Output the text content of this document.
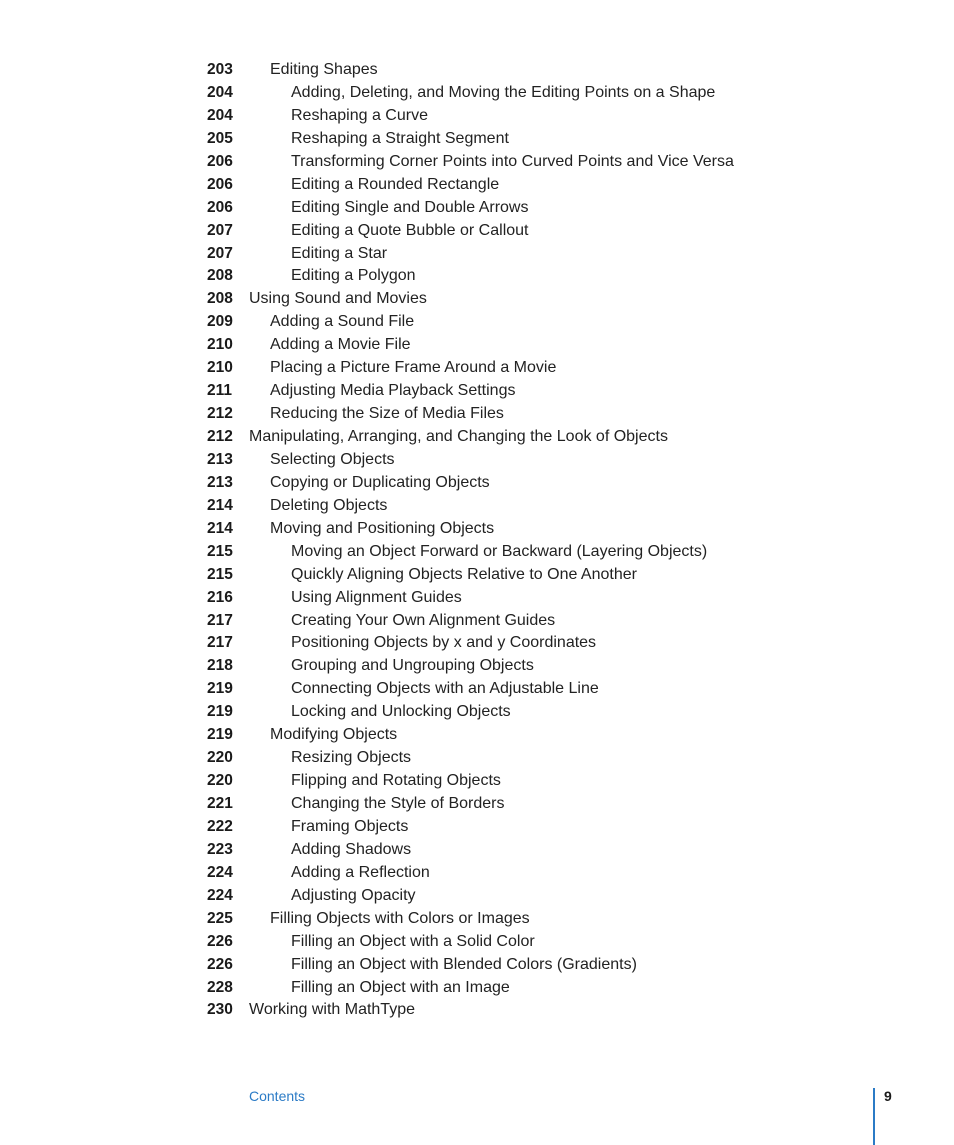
203 Editing Shapes
204	Adding, Deleting, and Moving the Editing Points on a Shape
204	Reshaping a Curve
205	Reshaping a Straight Segment
206	Transforming Corner Points into Curved Points and Vice Versa
206	Editing a Rounded Rectangle
206	Editing Single and Double Arrows
207	Editing a Quote Bubble or Callout
207	Editing a Star
208	Editing a Polygon
208 Using Sound and Movies
209 Adding a Sound File
210 Adding a Movie File
210 Placing a Picture Frame Around a Movie
211 Adjusting Media Playback Settings
212 Reducing the Size of Media Files
212 Manipulating, Arranging, and Changing the Look of Objects
213 Selecting Objects
213 Copying or Duplicating Objects
214 Deleting Objects
214 Moving and Positioning Objects
215	Moving an Object Forward or Backward (Layering Objects)
215	Quickly Aligning Objects Relative to One Another
216	Using Alignment Guides
217	Creating Your Own Alignment Guides
217	Positioning Objects by x and y Coordinates
218	Grouping and Ungrouping Objects
219	Connecting Objects with an Adjustable Line
219	Locking and Unlocking Objects
219 Modifying Objects
220	Resizing Objects
220	Flipping and Rotating Objects
221	Changing the Style of Borders
222	Framing Objects
223	Adding Shadows
224	Adding a Reflection
224	Adjusting Opacity
225 Filling Objects with Colors or Images
226	Filling an Object with a Solid Color
226	Filling an Object with Blended Colors (Gradients)
228	Filling an Object with an Image
230 Working with MathType
Contents	9
